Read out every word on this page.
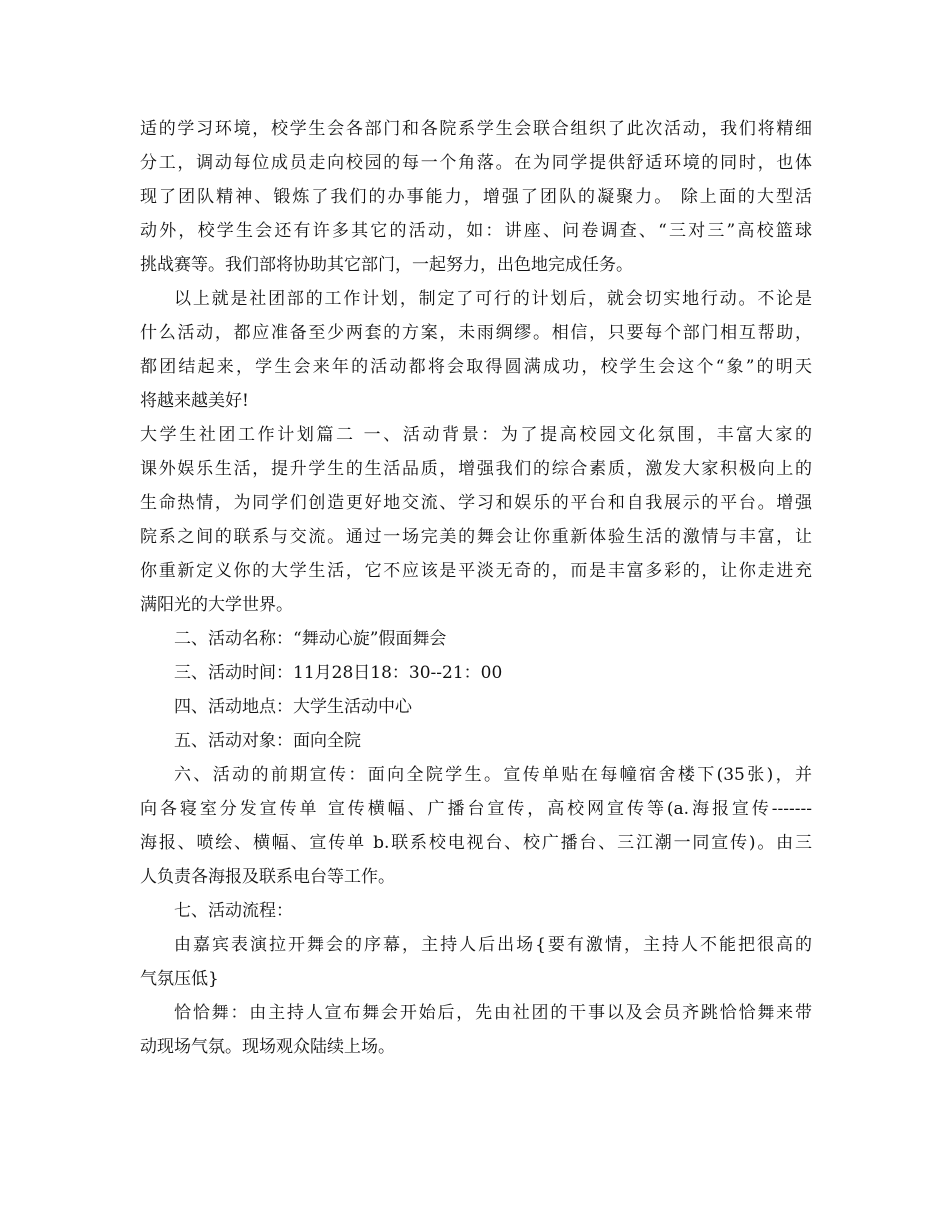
适的学习环境，校学生会各部门和各院系学生会联合组织了此次活动，我们将精细
分工，调动每位成员走向校园的每一个角落。在为同学提供舒适环境的同时，也体
现了团队精神、锻炼了我们的办事能力，增强了团队的凝聚力。 除上面的大型活
动外，校学生会还有许多其它的活动，如：讲座、问卷调查、“三对三”高校篮球
挑战赛等。我们部将协助其它部门，一起努力，出色地完成任务。
以上就是社团部的工作计划，制定了可行的计划后，就会切实地行动。不论是
什么活动，都应准备至少两套的方案，未雨绸缪。相信，只要每个部门相互帮助，
都团结起来，学生会来年的活动都将会取得圆满成功，校学生会这个“象”的明天
将越来越美好!
大学生社团工作计划篇二 一、活动背景：为了提高校园文化氛围，丰富大家的
课外娱乐生活，提升学生的生活品质，增强我们的综合素质，激发大家积极向上的
生命热情，为同学们创造更好地交流、学习和娱乐的平台和自我展示的平台。增强
院系之间的联系与交流。通过一场完美的舞会让你重新体验生活的激情与丰富，让
你重新定义你的大学生活，它不应该是平淡无奇的，而是丰富多彩的，让你走进充
满阳光的大学世界。
二、活动名称：“舞动心旋”假面舞会
三、活动时间：11月28日18：30--21：00
四、活动地点：大学生活动中心
五、活动对象：面向全院
六、活动的前期宣传：面向全院学生。宣传单贴在每幢宿舍楼下(35张)，并
向各寝室分发宣传单 宣传横幅、广播台宣传，高校网宣传等(a.海报宣传-------
海报、喷绘、横幅、宣传单 b.联系校电视台、校广播台、三江潮一同宣传)。由三
人负责各海报及联系电台等工作。
七、活动流程：
由嘉宾表演拉开舞会的序幕，主持人后出场{要有激情，主持人不能把很高的
气氛压低}
恰恰舞：由主持人宣布舞会开始后，先由社团的干事以及会员齐跳恰恰舞来带
动现场气氛。现场观众陆续上场。
